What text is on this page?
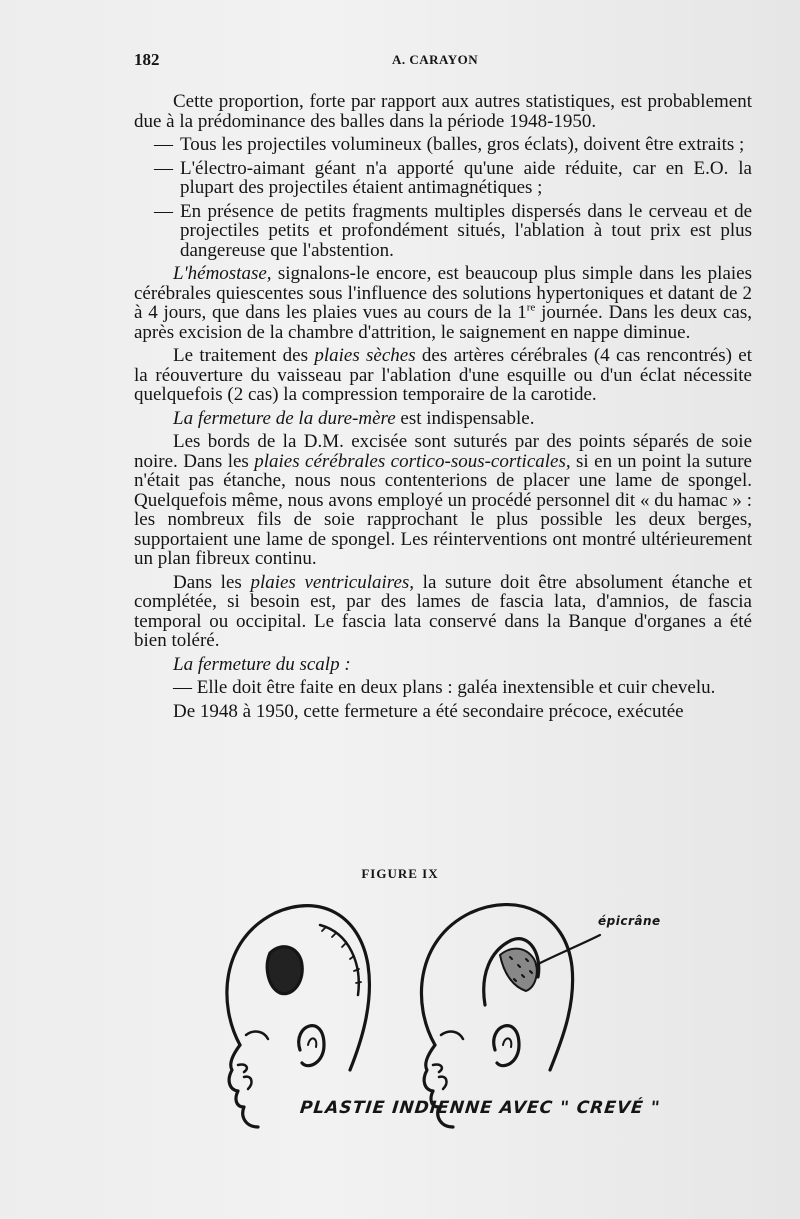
182	A. CARAYON

Cette proportion, forte par rapport aux autres statistiques, est probablement due à la prédominance des balles dans la période 1948-1950.

— Tous les projectiles volumineux (balles, gros éclats), doivent être extraits ;

— L'électro-aimant géant n'a apporté qu'une aide réduite, car en E.O. la plupart des projectiles étaient antimagnétiques ;

— En présence de petits fragments multiples dispersés dans le cerveau et de projectiles petits et profondément situés, l'ablation à tout prix est plus dangereuse que l'abstention.

L'hémostase, signalons-le encore, est beaucoup plus simple dans les plaies cérébrales quiescentes sous l'influence des solutions hypertoniques et datant de 2 à 4 jours, que dans les plaies vues au cours de la 1re journée. Dans les deux cas, après excision de la chambre d'attrition, le saignement en nappe diminue.

Le traitement des plaies sèches des artères cérébrales (4 cas rencontrés) et la réouverture du vaisseau par l'ablation d'une esquille ou d'un éclat nécessite quelquefois (2 cas) la compression temporaire de la carotide.

La fermeture de la dure-mère est indispensable.

Les bords de la D.M. excisée sont suturés par des points séparés de soie noire. Dans les plaies cérébrales cortico-sous-corticales, si en un point la suture n'était pas étanche, nous nous contenterions de placer une lame de spongel. Quelquefois même, nous avons employé un procédé personnel dit « du hamac » : les nombreux fils de soie rapprochant le plus possible les deux berges, supportaient une lame de spongel. Les réinterventions ont montré ultérieurement un plan fibreux continu.

Dans les plaies ventriculaires, la suture doit être absolument étanche et complétée, si besoin est, par des lames de fascia lata, d'amnios, de fascia temporal ou occipital. Le fascia lata conservé dans la Banque d'organes a été bien toléré.

La fermeture du scalp :

— Elle doit être faite en deux plans : galéa inextensible et cuir chevelu.

De 1948 à 1950, cette fermeture a été secondaire précoce, exécutée

FIGURE IX
épicrâne
PLASTIE INDIENNE AVEC " CREVÉ "
